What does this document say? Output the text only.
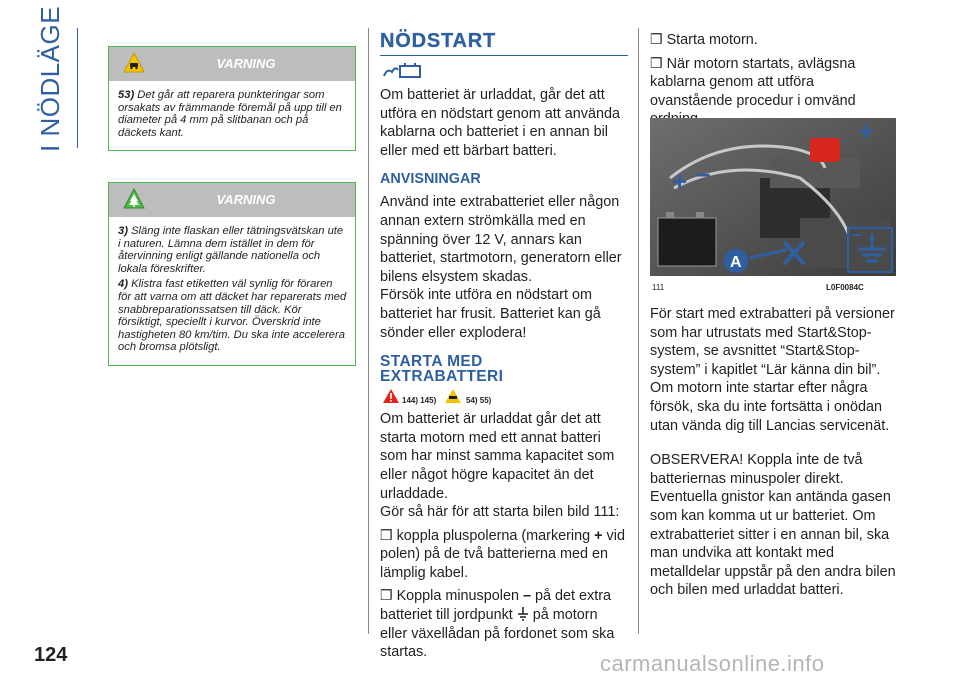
I NÖDLÄGE
124	carmanualsonline.info
VARNING

53) Det går att reparera punkteringar som orsakats av främmande föremål på upp till en diameter på 4 mm på slitbanan och på däckets kant.

VARNING

3) Släng inte flaskan eller tätningsvätskan ute i naturen. Lämna dem istället in dem för återvinning enligt gällande nationella och lokala föreskrifter.

4) Klistra fast etiketten väl synlig för föraren för att varna om att däcket har reparerats med snabbreparationssatsen till däck. Kör försiktigt, speciellt i kurvor. Överskrid inte hastigheten 80 km/tim. Du ska inte accelerera och bromsa plötsligt.

NÖDSTART

Om batteriet är urladdat, går det att utföra en nödstart genom att använda kablarna och batteriet i en annan bil eller med ett bärbart batteri.

ANVISNINGAR

Använd inte extrabatteriet eller någon annan extern strömkälla med en spänning över 12 V, annars kan batteriet, startmotorn, generatorn eller bilens elsystem skadas.

Försök inte utföra en nödstart om batteriet har frusit. Batteriet kan gå sönder eller explodera!

STARTA MED
EXTRABATTERI
144) 145)	54) 55)

Om batteriet är urladdat går det att starta motorn med ett annat batteri som har minst samma kapacitet som eller något högre kapacitet än det urladdade.

Gör så här för att starta bilen bild 111:

❒ koppla pluspolerna (markering + vid polen) på de två batterierna med en lämplig kabel.

❒ Koppla minuspolen – på det extra batteriet till jordpunkt på motorn eller växellådan på fordonet som ska startas.

❒ Starta motorn.

❒ När motorn startats, avlägsna kablarna genom att utföra ovanstående procedur i omvänd

+ –
+
A
–
111	L0F0084C

För start med extrabatteri på versioner som har utrustats med Start&Stop-system, se avsnittet “Start&Stop-system” i kapitlet “Lär känna din bil”. Om motorn inte startar efter några försök, ska du inte fortsätta i onödan utan vända dig till Lancias servicenät.

OBSERVERA! Koppla inte de två batteriernas minuspoler direkt. Eventuella gnistor kan antända gasen som kan komma ut ur batteriet. Om extrabatteriet sitter i en annan bil, ska man undvika att kontakt med metalldelar uppstår på den andra bilen och bilen med urladdat batteri.
